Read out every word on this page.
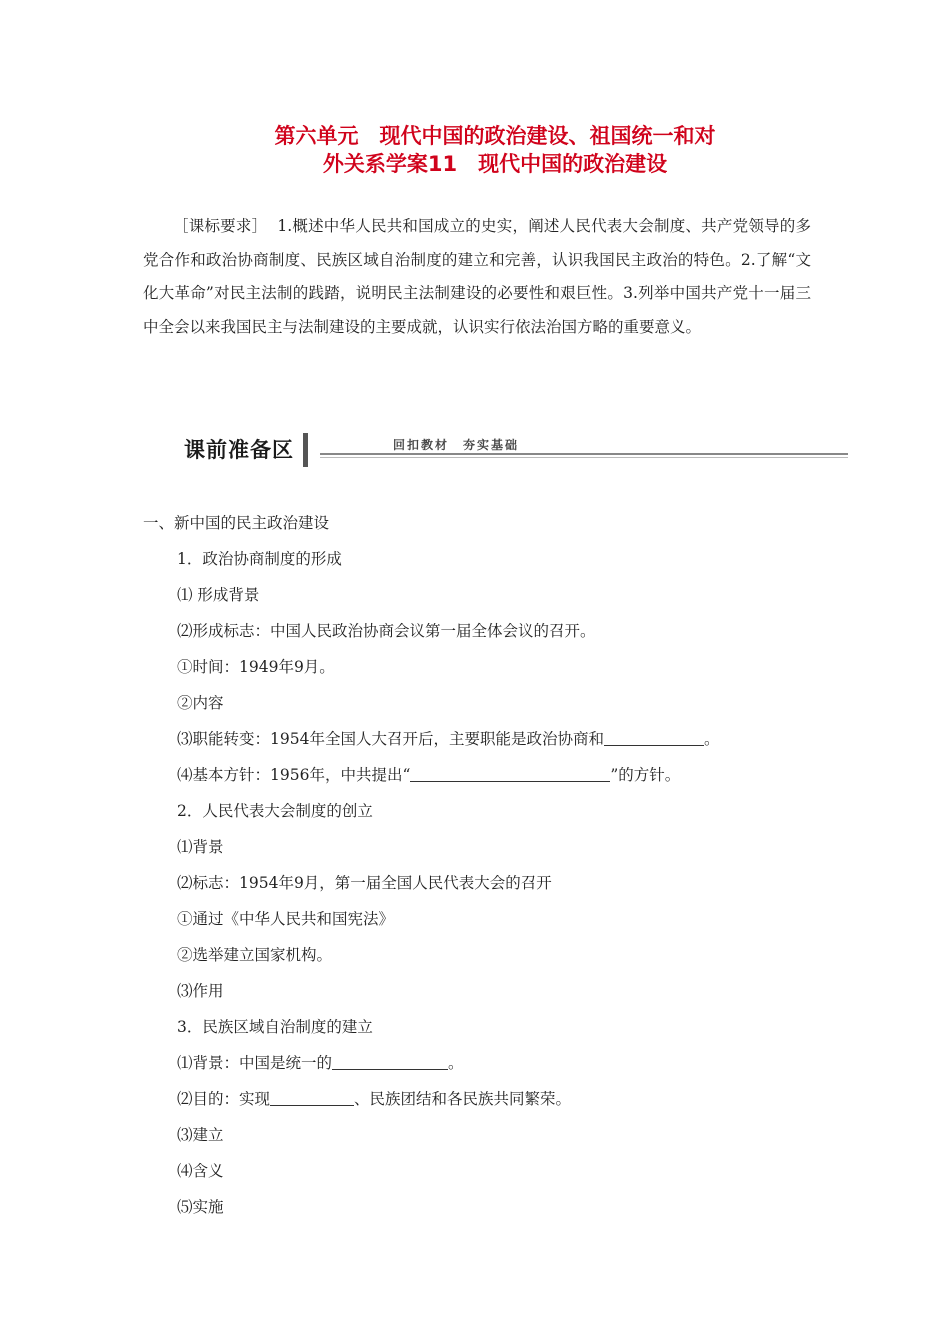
第六单元　现代中国的政治建设、祖国统一和对
外关系学案11　现代中国的政治建设

［课标要求］ 1.概述中华人民共和国成立的史实，阐述人民代表大会制度、共产党领导的多党合作和政治协商制度、民族区域自治制度的建立和完善，认识我国民主政治的特色。2.了解“文化大革命”对民主法制的践踏，说明民主法制建设的必要性和艰巨性。3.列举中国共产党十一届三中全会以来我国民主与法制建设的主要成就，认识实行依法治国方略的重要意义。

课前准备区	回扣教材 夯实基础
一、新中国的民主政治建设
1．政治协商制度的形成
⑴ 形成背景
⑵形成标志：中国人民政治协商会议第一届全体会议的召开。
①时间：1949年9月。
②内容
⑶职能转变：1954年全国人大召开后，主要职能是政治协商和	。
⑷基本方针：1956年，中共提出“	”的方针。
2．人民代表大会制度的创立
⑴背景
⑵标志：1954年9月，第一届全国人民代表大会的召开
①通过《中华人民共和国宪法》
②选举建立国家机构。
⑶作用
3．民族区域自治制度的建立
⑴背景：中国是统一的	。
⑵目的：实现	、民族团结和各民族共同繁荣。
⑶建立
⑷含义
⑸实施
